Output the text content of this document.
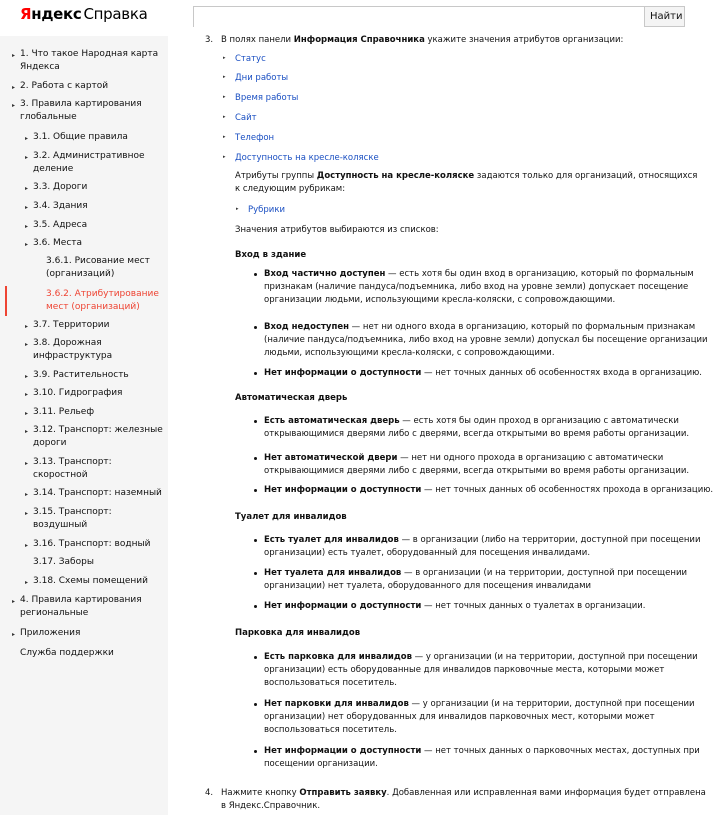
Яндекс Справка	Найти
▸ 1. Что такое Народная карта
Яндекса
▸ 2. Работа с картой
▸ 3. Правила картирования
глобальные
▸ 3.1. Общие правила
▸ 3.2. Административное
деление
▸ 3.3. Дороги
▸ 3.4. Здания
▸ 3.5. Адреса
▸ 3.6. Места
3.6.1. Рисование мест
(организаций)
3.6.2. Атрибутирование
мест (организаций)
▸ 3.7. Территории
▸ 3.8. Дорожная
инфраструктура
▸ 3.9. Растительность
▸ 3.10. Гидрография
▸ 3.11. Рельеф
▸ 3.12. Транспорт: железные
дороги
▸ 3.13. Транспорт:
скоростной
▸ 3.14. Транспорт: наземный
▸ 3.15. Транспорт:
воздушный
▸ 3.16. Транспорт: водный
3.17. Заборы
▸ 3.18. Схемы помещений
▸ 4. Правила картирования
региональные
▸ Приложения
Служба поддержки
3. В полях панели Информация Справочника укажите значения атрибутов организации:
▸ Статус
▸ Дни работы
▸ Время работы
▸ Сайт
▸ Телефон
▸ Доступность на кресле-коляске
Атрибуты группы Доступность на кресле-коляске задаются только для организаций, относящихся
к следующим рубрикам:
▸ Рубрики
Значения атрибутов выбираются из списков:
Вход в здание
Вход частично доступен — есть хотя бы один вход в организацию, который по формальным
признакам (наличие пандуса/подъемника, либо вход на уровне земли) допускает посещение
организации людьми, использующими кресла-коляски, с сопровождающими.
Вход недоступен — нет ни одного входа в организацию, который по формальным признакам
(наличие пандуса/подъемника, либо вход на уровне земли) допускал бы посещение организации
людьми, использующими кресла-коляски, с сопровождающими.
Нет информации о доступности — нет точных данных об особенностях входа в организацию.
Автоматическая дверь
Есть автоматическая дверь — есть хотя бы один проход в организацию с автоматически
открывающимися дверями либо с дверями, всегда открытыми во время работы организации.
Нет автоматической двери — нет ни одного прохода в организацию с автоматически
открывающимися дверями либо с дверями, всегда открытыми во время работы организации.
Нет информации о доступности — нет точных данных об особенностях прохода в организацию.
Туалет для инвалидов
Есть туалет для инвалидов — в организации (либо на территории, доступной при посещении
организации) есть туалет, оборудованный для посещения инвалидами.
Нет туалета для инвалидов — в организации (и на территории, доступной при посещении
организации) нет туалета, оборудованного для посещения инвалидами
Нет информации о доступности — нет точных данных о туалетах в организации.
Парковка для инвалидов
Есть парковка для инвалидов — у организации (и на территории, доступной при посещении
организации) есть оборудованные для инвалидов парковочные места, которыми может
воспользоваться посетитель.
Нет парковки для инвалидов — у организации (и на территории, доступной при посещении
организации) нет оборудованных для инвалидов парковочных мест, которыми может
воспользоваться посетитель.
Нет информации о доступности — нет точных данных о парковочных местах, доступных при
посещении организации.
4. Нажмите кнопку Отправить заявку. Добавленная или исправленная вами информация будет отправлена
в Яндекс.Справочник.
